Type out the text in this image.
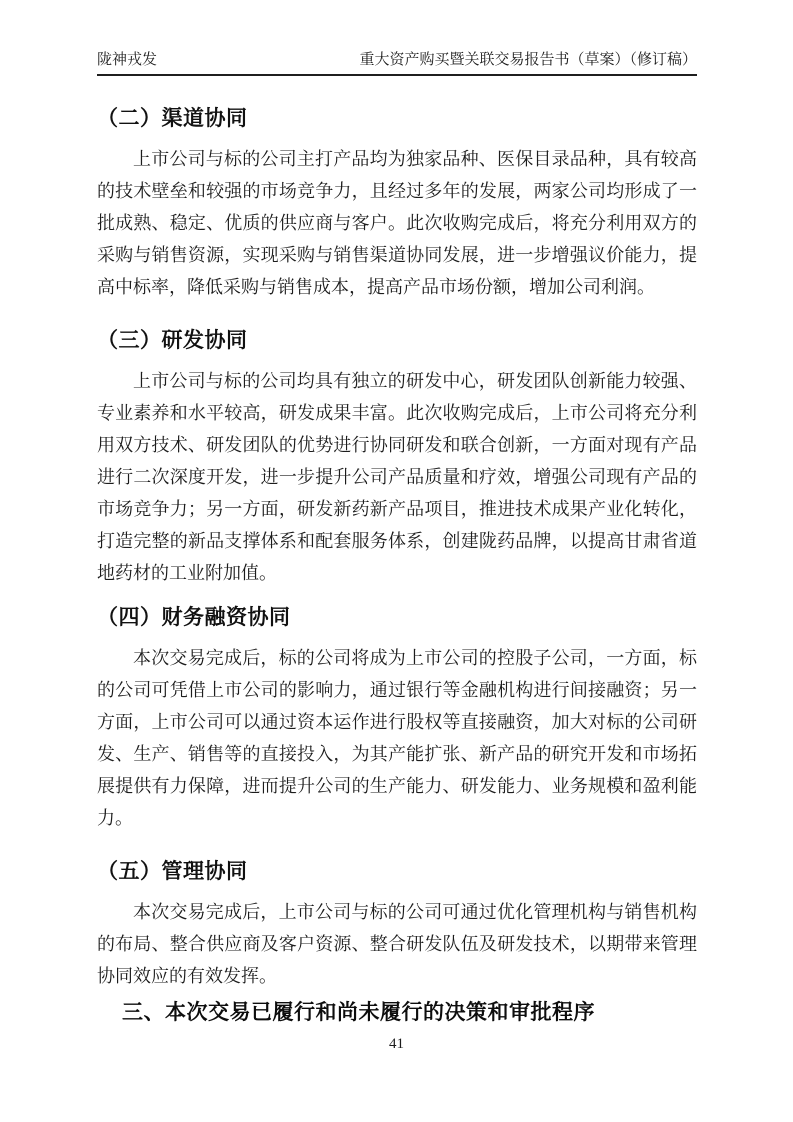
陇神戎发	重大资产购买暨关联交易报告书（草案）（修订稿）
（二）渠道协同

上市公司与标的公司主打产品均为独家品种、医保目录品种，具有较高的技术壁垒和较强的市场竞争力，且经过多年的发展，两家公司均形成了一批成熟、稳定、优质的供应商与客户。此次收购完成后，将充分利用双方的采购与销售资源，实现采购与销售渠道协同发展，进一步增强议价能力，提高中标率，降低采购与销售成本，提高产品市场份额，增加公司利润。

（三）研发协同

上市公司与标的公司均具有独立的研发中心，研发团队创新能力较强、专业素养和水平较高，研发成果丰富。此次收购完成后，上市公司将充分利用双方技术、研发团队的优势进行协同研发和联合创新，一方面对现有产品进行二次深度开发，进一步提升公司产品质量和疗效，增强公司现有产品的市场竞争力；另一方面，研发新药新产品项目，推进技术成果产业化转化，打造完整的新品支撑体系和配套服务体系，创建陇药品牌，以提高甘肃省道地药材的工业附加值。

（四）财务融资协同

本次交易完成后，标的公司将成为上市公司的控股子公司，一方面，标的公司可凭借上市公司的影响力，通过银行等金融机构进行间接融资；另一方面，上市公司可以通过资本运作进行股权等直接融资，加大对标的公司研发、生产、销售等的直接投入，为其产能扩张、新产品的研究开发和市场拓展提供有力保障，进而提升公司的生产能力、研发能力、业务规模和盈利能力。

（五）管理协同

本次交易完成后，上市公司与标的公司可通过优化管理机构与销售机构的布局、整合供应商及客户资源、整合研发队伍及研发技术，以期带来管理协同效应的有效发挥。

三、本次交易已履行和尚未履行的决策和审批程序
41
